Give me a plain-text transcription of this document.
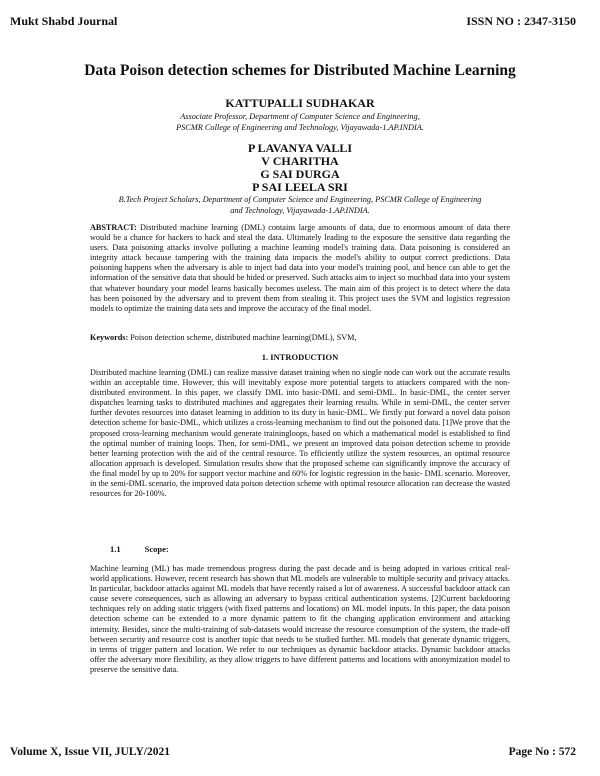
Mukt Shabd Journal	ISSN NO : 2347-3150
Data Poison detection schemes for Distributed Machine Learning
KATTUPALLI SUDHAKAR
Associate Professor, Department of Computer Science and Engineering,
PSCMR College of Engineering and Technology, Vijayawada-1.AP.INDIA.
P LAVANYA VALLI
V CHARITHA
G SAI DURGA
P SAI LEELA SRI
B.Tech Project Scholars, Department of Computer Science and Engineering, PSCMR College of Engineering
and Technology, Vijayawada-1.AP.INDIA.
ABSTRACT: Distributed machine learning (DML) contains large amounts of data, due to enormous amount of data there would be a chance for hackers to hack and steal the data. Ultimately leading to the exposure the sensitive data regarding the users. Data poisoning attacks involve polluting a machine learning model's training data. Data poisoning is considered an integrity attack because tampering with the training data impacts the model's ability to output correct predictions. Data poisoning happens when the adversary is able to inject bad data into your model's training pool, and hence can able to get the information of the sensitive data that should be hided or preserved. Such attacks aim to inject so muchbad data into your system that whatever boundary your model learns basically becomes useless. The main aim of this project is to detect where the data has been poisoned by the adversary and to prevent them from stealing it. This project uses the SVM and logistics regression models to optimize the training data sets and improve the accuracy of the final model.
Keywords: Poison detection scheme, distributed machine learning(DML), SVM,
1. INTRODUCTION
Distributed machine learning (DML) can realize massive dataset training when no single node can work out the accurate results within an acceptable time. However, this will inevitably expose more potential targets to attackers compared with the non-distributed environment. In this paper, we classify DML into basic-DML and semi-DML. In basic-DML, the center server dispatches learning tasks to distributed machines and aggregates their learning results. While in semi-DML, the center server further devotes resources into dataset learning in addition to its duty in basic-DML. We firstly put forward a novel data poison detection scheme for basic-DML, which utilizes a cross-learning mechanism to find out the poisoned data. [1]We prove that the proposed cross-learning mechanism would generate trainingloops, based on which a mathematical model is established to find the optimal number of training loops. Then, for semi-DML, we present an improved data poison detection scheme to provide better learning protection with the aid of the central resource. To efficiently utilize the system resources, an optimal resource allocation approach is developed. Simulation results show that the proposed scheme can significantly improve the accuracy of the final model by up to 20% for support vector machine and 60% for logistic regression in the basic- DML scenario. Moreover, in the semi-DML scenario, the improved data poison detection scheme with optimal resource allocation can decrease the wasted resources for 20-100%.
1.1	Scope:
Machine learning (ML) has made tremendous progress during the past decade and is being adopted in various critical real-world applications. However, recent research has shown that ML models are vulnerable to multiple security and privacy attacks. In particular, backdoor attacks against ML models that have recently raised a lot of awareness. A successful backdoor attack can cause severe consequences, such as allowing an adversary to bypass critical authentication systems. [2]Current backdooring techniques rely on adding static triggers (with fixed patterns and locations) on ML model inputs. In this paper, the data poison detection scheme can be extended to a more dynamic pattern to fit the changing application environment and attacking intensity. Besides, since the multi-training of sub-datasets would increase the resource consumption of the system, the trade-off between security and resource cost is another topic that needs to be studied further. ML models that generate dynamic triggers, in terms of trigger pattern and location. We refer to our techniques as dynamic backdoor attacks. Dynamic backdoor attacks offer the adversary more flexibility, as they allow triggers to have different patterns and locations with anonymization model to preserve the sensitive data.
Volume X, Issue VII, JULY/2021	Page No : 572
